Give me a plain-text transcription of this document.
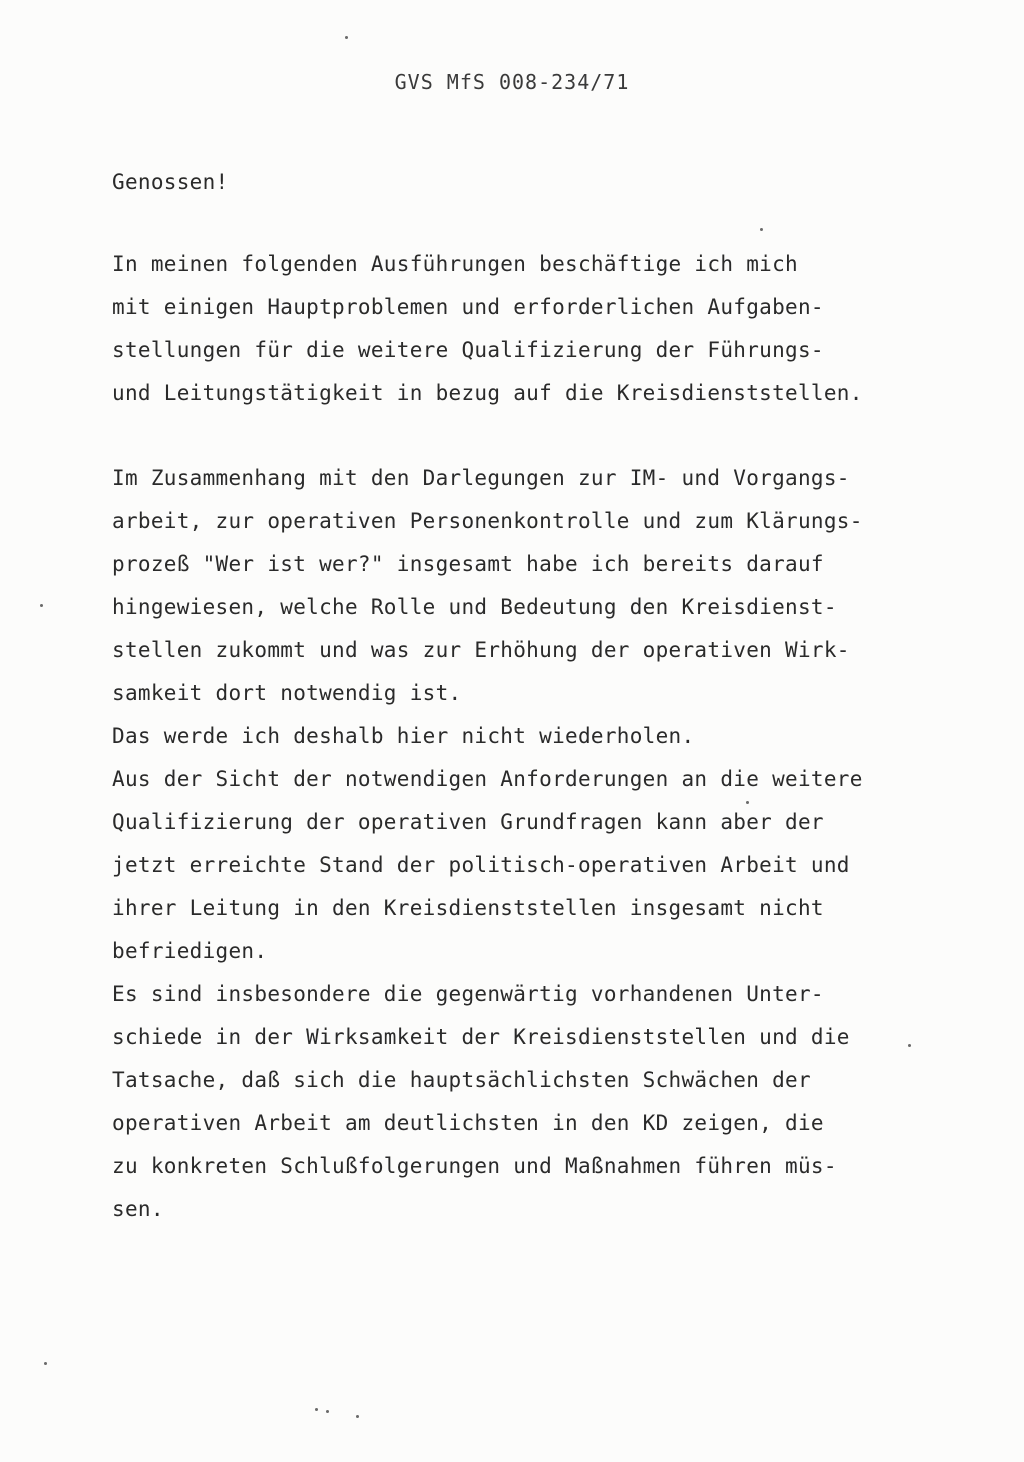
GVS MfS 008-234/71
Genossen!
In meinen folgenden Ausführungen beschäftige ich mich
mit einigen Hauptproblemen und erforderlichen Aufgaben-
stellungen für die weitere Qualifizierung der Führungs-
und Leitungstätigkeit in bezug auf die Kreisdienststellen.
Im Zusammenhang mit den Darlegungen zur IM- und Vorgangs-
arbeit, zur operativen Personenkontrolle und zum Klärungs-
prozeß "Wer ist wer?" insgesamt habe ich bereits darauf
hingewiesen, welche Rolle und Bedeutung den Kreisdienst-
stellen zukommt und was zur Erhöhung der operativen Wirk-
samkeit dort notwendig ist.
Das werde ich deshalb hier nicht wiederholen.
Aus der Sicht der notwendigen Anforderungen an die weitere
Qualifizierung der operativen Grundfragen kann aber der
jetzt erreichte Stand der politisch-operativen Arbeit und
ihrer Leitung in den Kreisdienststellen insgesamt nicht
befriedigen.
Es sind insbesondere die gegenwärtig vorhandenen Unter-
schiede in der Wirksamkeit der Kreisdienststellen und die
Tatsache, daß sich die hauptsächlichsten Schwächen der
operativen Arbeit am deutlichsten in den KD zeigen, die
zu konkreten Schlußfolgerungen und Maßnahmen führen müs-
sen.
